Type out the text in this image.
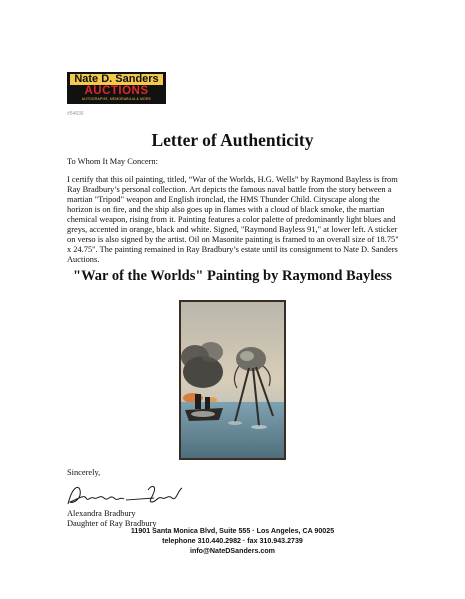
Nate D. Sanders
AUCTIONS
AUTOGRAPHS, MEMORABILIA & MORE
#54636
Letter of Authenticity

To Whom It May Concern:

I certify that this oil painting, titled, “War of the Worlds, H.G. Wells” by Raymond Bayless is from Ray Bradbury’s personal collection. Art depicts the famous naval battle from the story between a martian "Tripod" weapon and English ironclad, the HMS Thunder Child. Cityscape along the horizon is on fire, and the ship also goes up in flames with a cloud of black smoke, the martian chemical weapon, rising from it. Painting features a color palette of predominantly light blues and greys, accented in orange, black and white. Signed, "Raymond Bayless 91," at lower left. A sticker on verso is also signed by the artist. Oil on Masonite painting is framed to an overall size of 18.75" x 24.75". The painting remained in Ray Bradbury’s estate until its consignment to Nate D. Sanders Auctions.

"War of the Worlds" Painting by Raymond Bayless

Sincerely,

Alexandra Bradbury

Daughter of Ray Bradbury

11901 Santa Monica Blvd, Suite 555 · Los Angeles, CA 90025

telephone 310.440.2982 · fax 310.943.2739

info@NateDSanders.com
